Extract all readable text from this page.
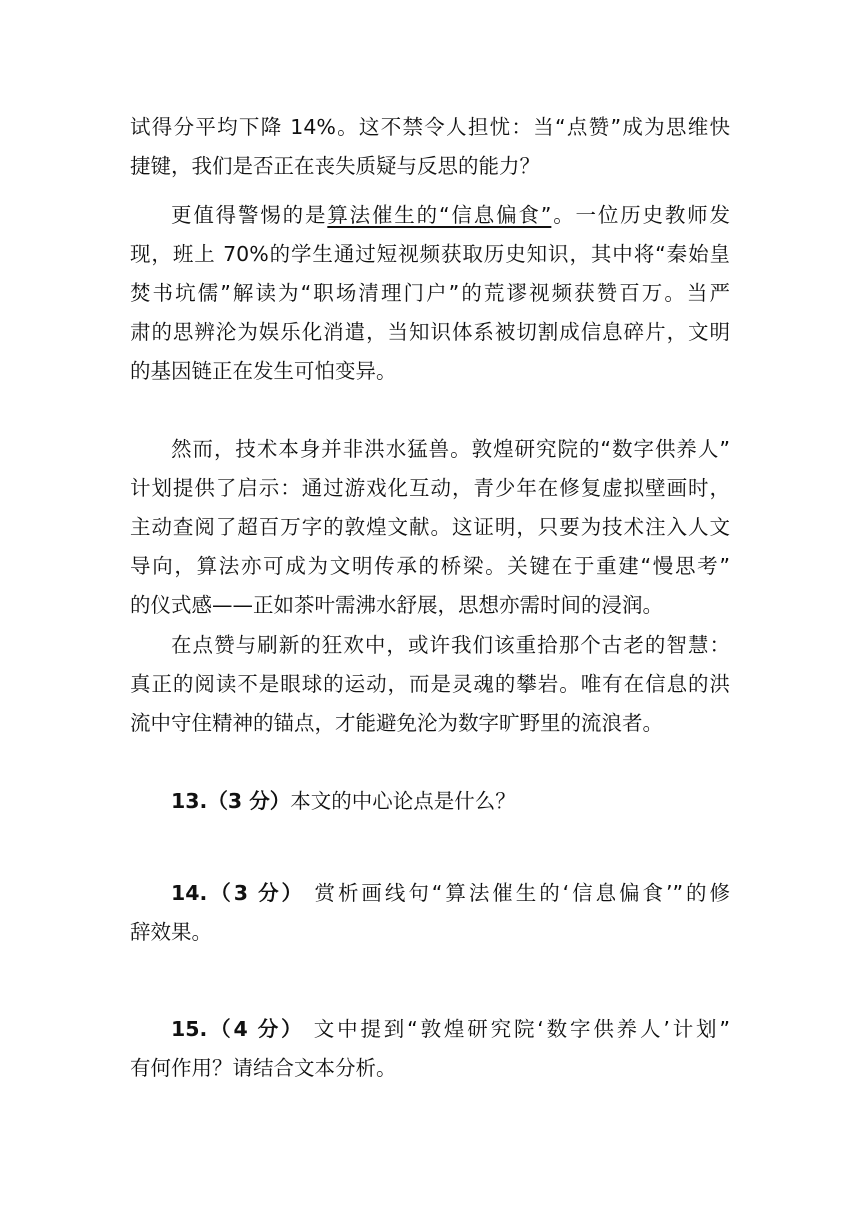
试得分平均下降 14%。这不禁令人担忧：当“点赞”成为思维快
捷键，我们是否正在丧失质疑与反思的能力？

更值得警惕的是算法催生的“信息偏食”。一位历史教师发
现，班上 70%的学生通过短视频获取历史知识，其中将“秦始皇
焚书坑儒”解读为“职场清理门户”的荒谬视频获赞百万。当严
肃的思辨沦为娱乐化消遣，当知识体系被切割成信息碎片，文明
的基因链正在发生可怕变异。

然而，技术本身并非洪水猛兽。敦煌研究院的“数字供养人”
计划提供了启示：通过游戏化互动，青少年在修复虚拟壁画时，
主动查阅了超百万字的敦煌文献。这证明，只要为技术注入人文
导向，算法亦可成为文明传承的桥梁。关键在于重建“慢思考”
的仪式感——正如茶叶需沸水舒展，思想亦需时间的浸润。

在点赞与刷新的狂欢中，或许我们该重拾那个古老的智慧：
真正的阅读不是眼球的运动，而是灵魂的攀岩。唯有在信息的洪
流中守住精神的锚点，才能避免沦为数字旷野里的流浪者。

13.（3 分）本文的中心论点是什么？
14.（3 分） 赏析画线句“算法催生的‘信息偏食’”的修
辞效果。
15.（4 分） 文中提到“敦煌研究院‘数字供养人’计划”
有何作用？请结合文本分析。
